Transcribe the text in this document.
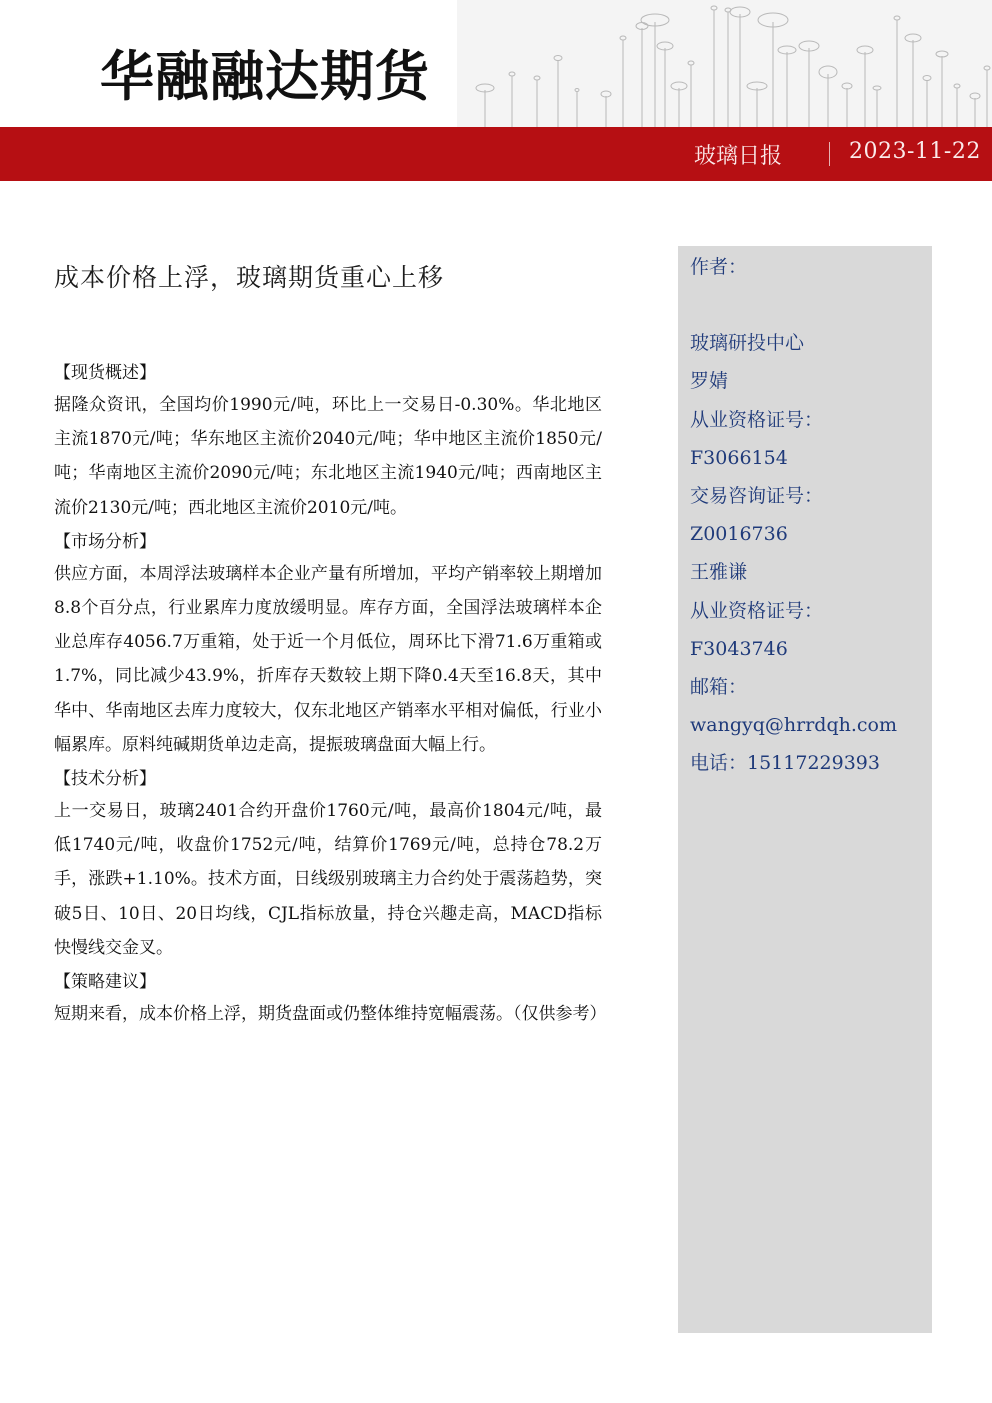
华融融达期货
玻璃日报	2023-11-22
成本价格上浮，玻璃期货重心上移
【现货概述】

据隆众资讯，全国均价1990元/吨，环比上一交易日-0.30%。华北地区主流1870元/吨；华东地区主流价2040元/吨；华中地区主流价1850元/吨；华南地区主流价2090元/吨；东北地区主流1940元/吨；西南地区主流价2130元/吨；西北地区主流价2010元/吨。

【市场分析】

供应方面，本周浮法玻璃样本企业产量有所增加，平均产销率较上期增加8.8个百分点，行业累库力度放缓明显。库存方面，全国浮法玻璃样本企业总库存4056.7万重箱，处于近一个月低位，周环比下滑71.6万重箱或1.7%，同比减少43.9%，折库存天数较上期下降0.4天至16.8天，其中华中、华南地区去库力度较大，仅东北地区产销率水平相对偏低，行业小幅累库。原料纯碱期货单边走高，提振玻璃盘面大幅上行。

【技术分析】

上一交易日，玻璃2401合约开盘价1760元/吨，最高价1804元/吨，最低1740元/吨，收盘价1752元/吨，结算价1769元/吨，总持仓78.2万手，涨跌+1.10%。技术方面，日线级别玻璃主力合约处于震荡趋势，突破5日、10日、20日均线，CJL指标放量，持仓兴趣走高，MACD指标快慢线交金叉。

【策略建议】

短期来看，成本价格上浮，期货盘面或仍整体维持宽幅震荡。（仅供参考）

作者：
玻璃研投中心
罗婧
从业资格证号：
F3066154
交易咨询证号：
Z0016736
王雅谦
从业资格证号：
F3043746
邮箱：
wangyq@hrrdqh.com
电话：15117229393
